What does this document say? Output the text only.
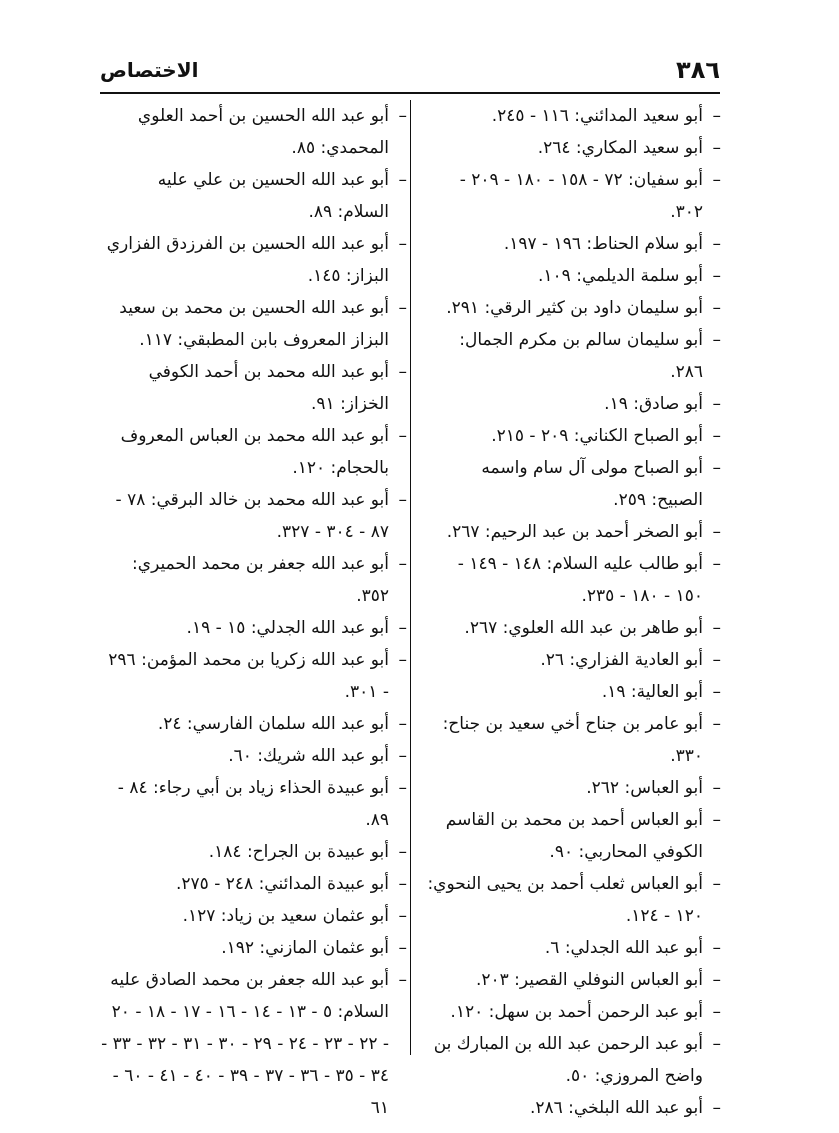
٣٨٦
الاختصاص

– أبو سعيد المدائني: ١١٦ - ٢٤٥.

– أبو سعيد المكاري: ٢٦٤.

– أبو سفيان: ٧٢ - ١٥٨ - ١٨٠ - ٢٠٩ - ٣٠٢.

– أبو سلام الحناط: ١٩٦ - ١٩٧.

– أبو سلمة الديلمي: ١٠٩.

– أبو سليمان داود بن كثير الرقي: ٢٩١.

– أبو سليمان سالم بن مكرم الجمال: ٢٨٦.

– أبو صادق: ١٩.

– أبو الصباح الكناني: ٢٠٩ - ٢١٥.

– أبو الصباح مولى آل سام واسمه الصبيح: ٢٥٩.

– أبو الصخر أحمد بن عبد الرحيم: ٢٦٧.

– أبو طالب عليه السلام: ١٤٨ - ١٤٩ - ١٥٠ - ١٨٠ - ٢٣٥.

– أبو طاهر بن عبد الله العلوي: ٢٦٧.

– أبو العادية الفزاري: ٢٦.

– أبو العالية: ١٩.

– أبو عامر بن جناح أخي سعيد بن جناح: ٣٣٠.

– أبو العباس: ٢٦٢.

– أبو العباس أحمد بن محمد بن القاسم الكوفي المحاربي: ٩٠.

– أبو العباس ثعلب أحمد بن يحيى النحوي: ١٢٠ - ١٢٤.

– أبو عبد الله الجدلي: ٦.

– أبو العباس النوفلي القصير: ٢٠٣.

– أبو عبد الرحمن أحمد بن سهل: ١٢٠.

– أبو عبد الرحمن عبد الله بن المبارك بن واضح المروزي: ٥٠.

– أبو عبد الله البلخي: ٢٨٦.

– أبو عبد الله الحسين بن أحمد العلوي المحمدي: ٨٥.

– أبو عبد الله الحسين بن علي عليه السلام: ٨٩.

– أبو عبد الله الحسين بن الفرزدق الفزاري البزاز: ١٤٥.

– أبو عبد الله الحسين بن محمد بن سعيد البزاز المعروف بابن المطبقي: ١١٧.

– أبو عبد الله محمد بن أحمد الكوفي الخزاز: ٩١.

– أبو عبد الله محمد بن العباس المعروف بالحجام: ١٢٠.

– أبو عبد الله محمد بن خالد البرقي: ٧٨ - ٨٧ - ٣٠٤ - ٣٢٧.

– أبو عبد الله جعفر بن محمد الحميري: ٣٥٢.

– أبو عبد الله الجدلي: ١٥ - ١٩.

– أبو عبد الله زكريا بن محمد المؤمن: ٢٩٦ - ٣٠١.

– أبو عبد الله سلمان الفارسي: ٢٤.

– أبو عبد الله شريك: ٦٠.

– أبو عبيدة الحذاء زياد بن أبي رجاء: ٨٤ - ٨٩.

– أبو عبيدة بن الجراح: ١٨٤.

– أبو عبيدة المدائني: ٢٤٨ - ٢٧٥.

– أبو عثمان سعيد بن زياد: ١٢٧.

– أبو عثمان المازني: ١٩٢.

– أبو عبد الله جعفر بن محمد الصادق عليه السلام: ٥ - ١٣ - ١٤ - ١٦ - ١٧ - ١٨ - ٢٠ - ٢٢ - ٢٣ - ٢٤ - ٢٩ - ٣٠ - ٣١ - ٣٢ - ٣٣ - ٣٤ - ٣٥ - ٣٦ - ٣٧ - ٣٩ - ٤٠ - ٤١ - ٦٠ - ٦١
